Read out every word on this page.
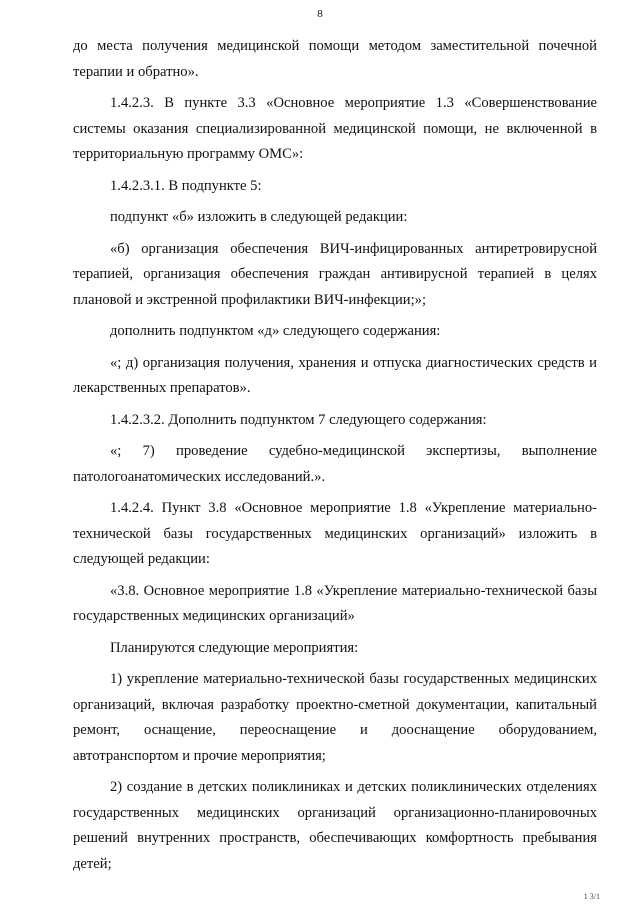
8

до места получения медицинской помощи методом заместительной почечной терапии и обратно».

1.4.2.3. В пункте 3.3 «Основное мероприятие 1.3 «Совершенствование системы оказания специализированной медицинской помощи, не включенной в территориальную программу ОМС»:

1.4.2.3.1. В подпункте 5:

подпункт «б» изложить в следующей редакции:

«б) организация обеспечения ВИЧ-инфицированных антиретровирусной терапией, организация обеспечения граждан антивирусной терапией в целях плановой и экстренной профилактики ВИЧ-инфекции;»;

дополнить подпунктом «д» следующего содержания:

«; д) организация получения, хранения и отпуска диагностических средств и лекарственных препаратов».

1.4.2.3.2. Дополнить подпунктом 7 следующего содержания:

«; 7) проведение судебно-медицинской экспертизы, выполнение патологоанатомических исследований.».

1.4.2.4. Пункт 3.8 «Основное мероприятие 1.8 «Укрепление материально-технической базы государственных медицинских организаций» изложить в следующей редакции:

«3.8. Основное мероприятие 1.8 «Укрепление материально-технической базы государственных медицинских организаций»

Планируются следующие мероприятия:

1) укрепление материально-технической базы государственных медицинских организаций, включая разработку проектно-сметной документации, капитальный ремонт, оснащение, переоснащение и дооснащение оборудованием, автотранспортом и прочие мероприятия;

2) создание в детских поликлиниках и детских поликлинических отделениях государственных медицинских организаций организационно-планировочных решений внутренних пространств, обеспечивающих комфортность пребывания детей;

1 3/1
